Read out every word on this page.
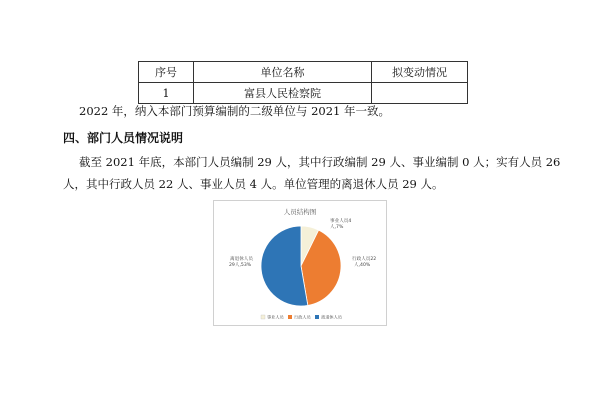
序号	单位名称	拟变动情况
1	富县人民检察院	

2022 年，纳入本部门预算编制的二级单位与 2021 年一致。

四、部门人员情况说明

截至 2021 年底，本部门人员编制 29 人，其中行政编制 29 人、事业编制 0 人；实有人员 26

人，其中行政人员 22 人、事业人员 4 人。单位管理的离退休人员 29 人。

人员结构图
事业人员4
人,7%
行政人员22
人,40%
离退休人员
29人,53%
事业人员 行政人员 离退休人员
